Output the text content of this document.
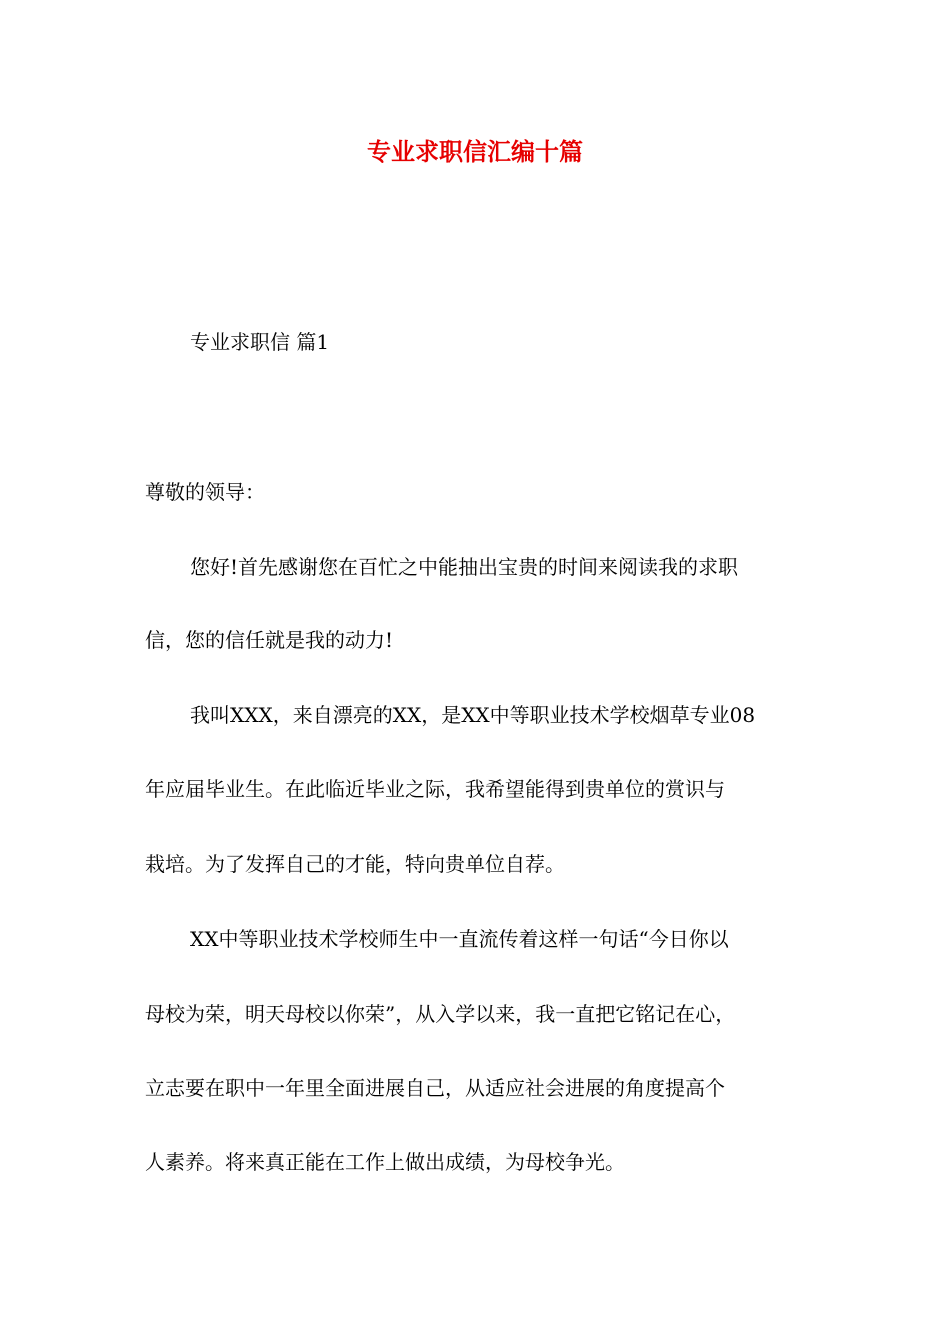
专业求职信汇编十篇
专业求职信 篇1
尊敬的领导：
您好!首先感谢您在百忙之中能抽出宝贵的时间来阅读我的求职
信，您的信任就是我的动力!
我叫XXX，来自漂亮的XX，是XX中等职业技术学校烟草专业08
年应届毕业生。在此临近毕业之际，我希望能得到贵单位的赏识与
栽培。为了发挥自己的才能，特向贵单位自荐。
XX中等职业技术学校师生中一直流传着这样一句话“今日你以
母校为荣，明天母校以你荣”，从入学以来，我一直把它铭记在心，
立志要在职中一年里全面进展自己，从适应社会进展的角度提高个
人素养。将来真正能在工作上做出成绩，为母校争光。
